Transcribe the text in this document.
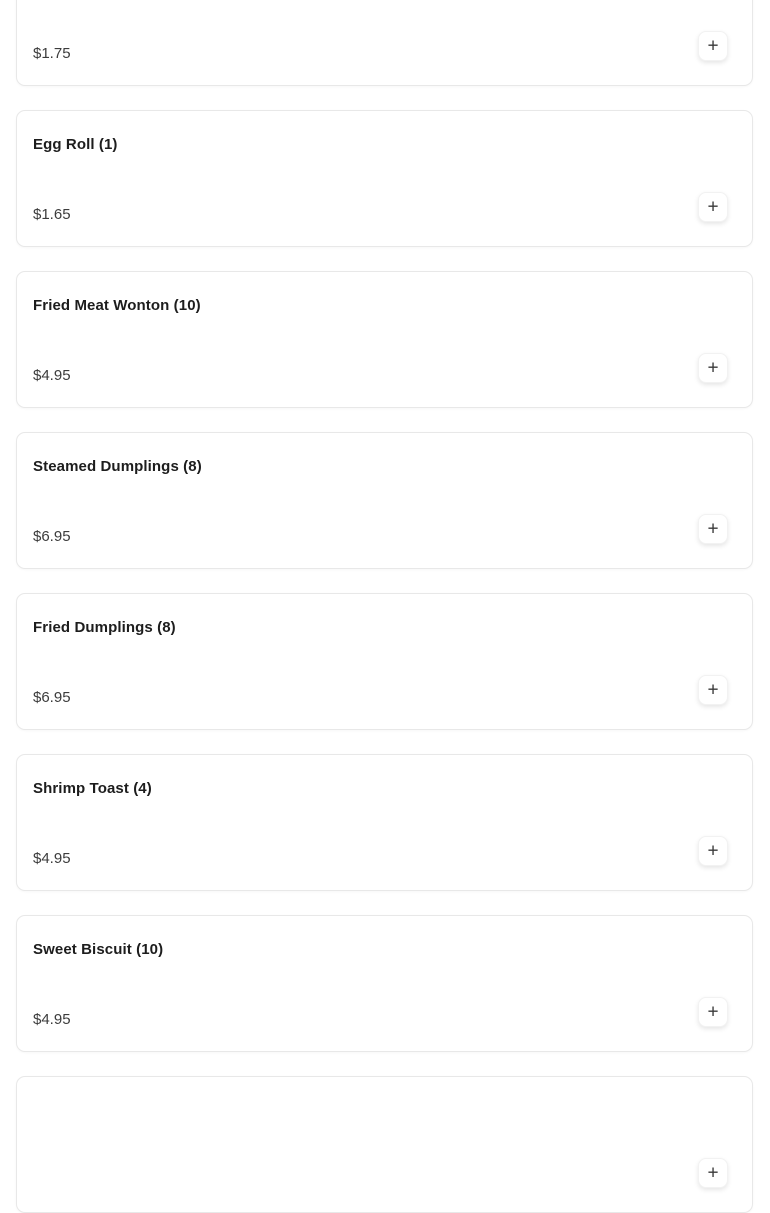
$1.75	+
Egg Roll (1)
$1.65	+
Fried Meat Wonton (10)
$4.95	+
Steamed Dumplings (8)
$6.95	+
Fried Dumplings (8)
$6.95	+
Shrimp Toast (4)
$4.95	+
Sweet Biscuit (10)
$4.95	+
+
